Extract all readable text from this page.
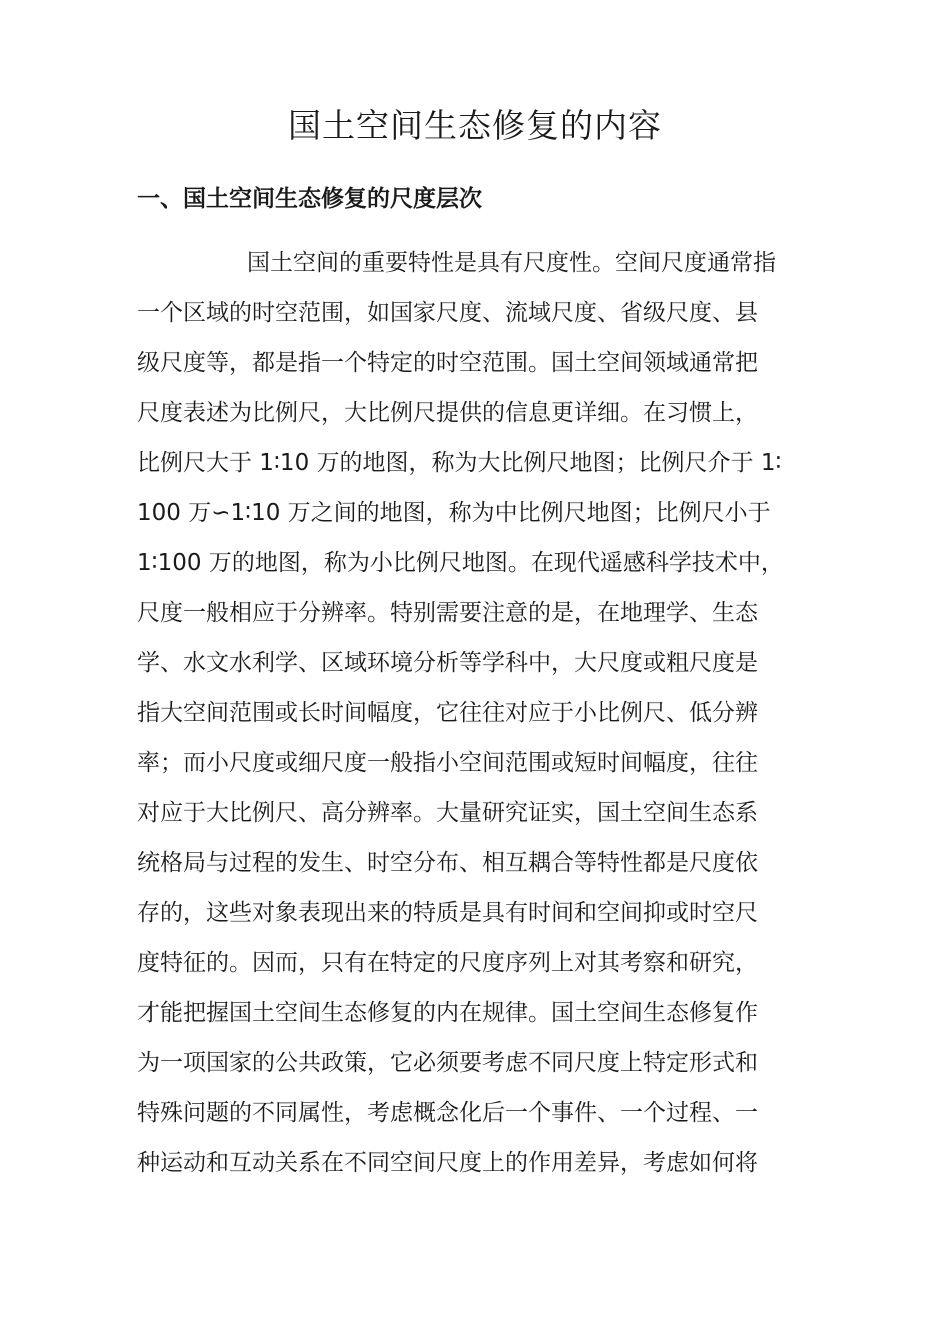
国土空间生态修复的内容
一、国土空间生态修复的尺度层次
国土空间的重要特性是具有尺度性。空间尺度通常指
一个区域的时空范围，如国家尺度、流域尺度、省级尺度、县
级尺度等，都是指一个特定的时空范围。国土空间领域通常把
尺度表述为比例尺，大比例尺提供的信息更详细。在习惯上，
比例尺大于 1∶10 万的地图，称为大比例尺地图；比例尺介于 1∶
100 万∽1∶10 万之间的地图，称为中比例尺地图；比例尺小于
1∶100 万的地图，称为小比例尺地图。在现代遥感科学技术中，
尺度一般相应于分辨率。特别需要注意的是，在地理学、生态
学、水文水利学、区域环境分析等学科中，大尺度或粗尺度是
指大空间范围或长时间幅度，它往往对应于小比例尺、低分辨
率；而小尺度或细尺度一般指小空间范围或短时间幅度，往往
对应于大比例尺、高分辨率。大量研究证实，国土空间生态系
统格局与过程的发生、时空分布、相互耦合等特性都是尺度依
存的，这些对象表现出来的特质是具有时间和空间抑或时空尺
度特征的。因而，只有在特定的尺度序列上对其考察和研究，
才能把握国土空间生态修复的内在规律。国土空间生态修复作
为一项国家的公共政策，它必须要考虑不同尺度上特定形式和
特殊问题的不同属性，考虑概念化后一个事件、一个过程、一
种运动和互动关系在不同空间尺度上的作用差异，考虑如何将
